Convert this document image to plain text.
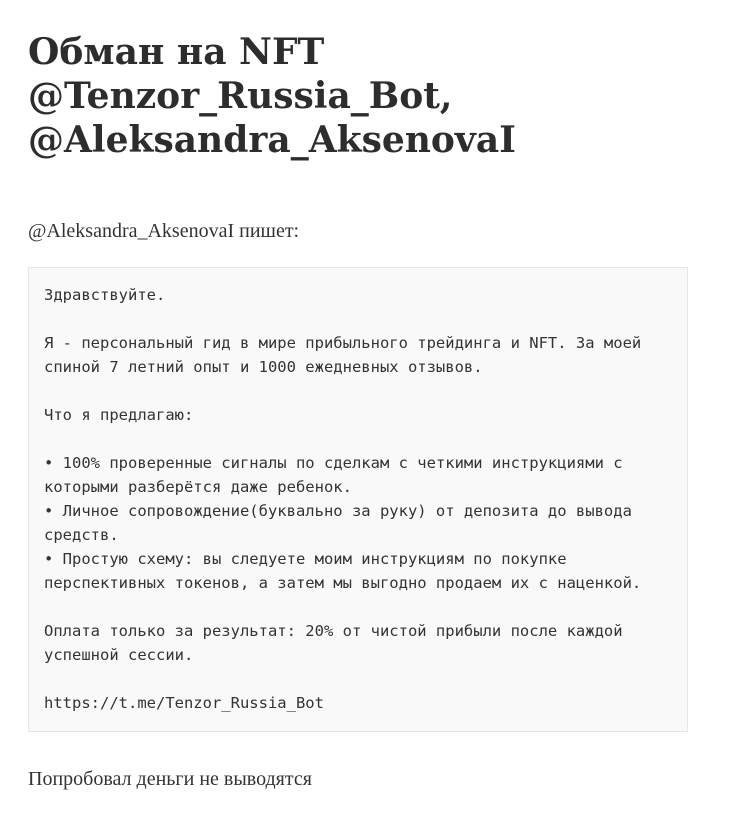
Обман на NFT
@Tenzor_Russia_Bot,
@Aleksandra_AksenovaI
@Aleksandra_AksenovaI пишет:
Здравствуйте.

Я - персональный гид в мире прибыльного трейдинга и NFT. За моей спиной 7 летний опыт и 1000 ежедневных отзывов.

Что я предлагаю:

• 100% проверенные сигналы по сделкам с четкими инструкциями с которыми разберётся даже ребенок.
• Личное сопровождение(буквально за руку) от депозита до вывода средств.
• Простую схему: вы следуете моим инструкциям по покупке перспективных токенов, а затем мы выгодно продаем их с наценкой.

Оплата только за результат: 20% от чистой прибыли после каждой успешной сессии.

https://t.me/Tenzor_Russia_Bot
Попробовал деньги не выводятся
